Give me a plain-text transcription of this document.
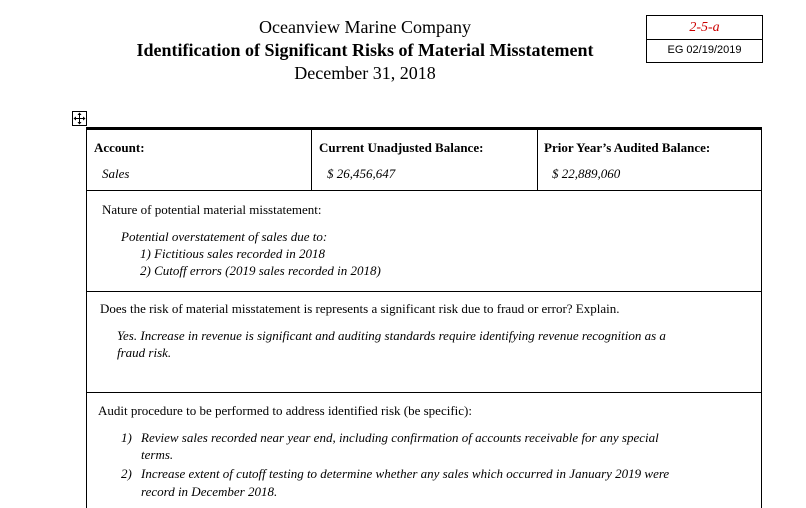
Oceanview Marine Company
Identification of Significant Risks of Material Misstatement
December 31, 2018
2-5-a
EG 02/19/2019
Account:	Current Unadjusted Balance:	Prior Year’s Audited Balance:
Sales	$ 26,456,647	$ 22,889,060
Nature of potential material misstatement:
Potential overstatement of sales due to:
1) Fictitious sales recorded in 2018
2) Cutoff errors (2019 sales recorded in 2018)
Does the risk of material misstatement is represents a significant risk due to fraud or error? Explain.
Yes. Increase in revenue is significant and auditing standards require identifying revenue recognition as a
fraud risk.
Audit procedure to be performed to address identified risk (be specific):
1) Review sales recorded near year end, including confirmation of accounts receivable for any special
terms.
2) Increase extent of cutoff testing to determine whether any sales which occurred in January 2019 were
record in December 2018.
